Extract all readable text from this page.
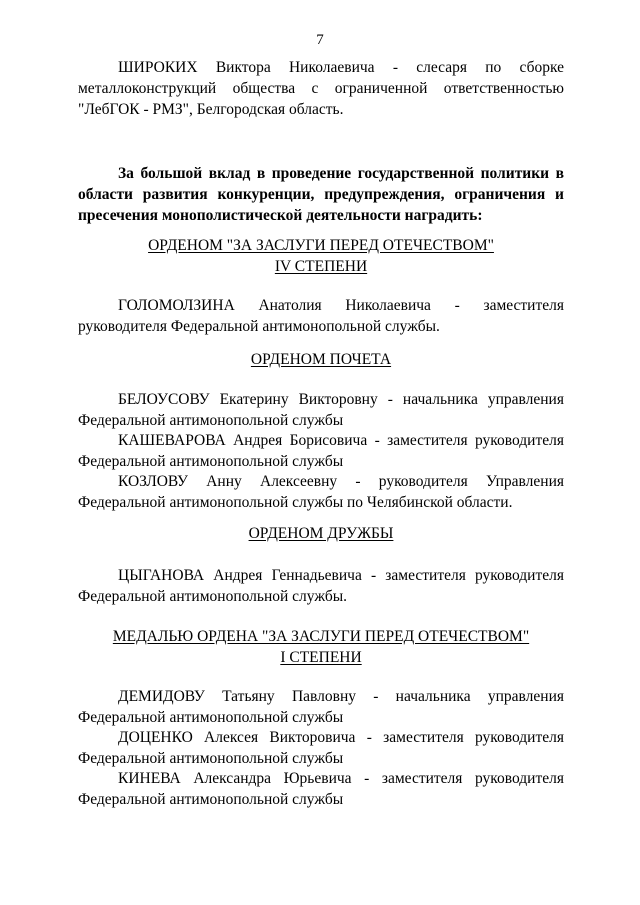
7

ШИРОКИХ Виктора Николаевича - слесаря по сборке металлоконструкций общества с ограниченной ответственностью "ЛебГОК - РМЗ", Белгородская область.

За большой вклад в проведение государственной политики в области развития конкуренции, предупреждения, ограничения и пресечения монополистической деятельности наградить:

ОРДЕНОМ "ЗА ЗАСЛУГИ ПЕРЕД ОТЕЧЕСТВОМ"
IV СТЕПЕНИ

ГОЛОМОЛЗИНА Анатолия Николаевича - заместителя руководителя Федеральной антимонопольной службы.

ОРДЕНОМ ПОЧЕТА

БЕЛОУСОВУ Екатерину Викторовну - начальника управления Федеральной антимонопольной службы

КАШЕВАРОВА Андрея Борисовича - заместителя руководителя Федеральной антимонопольной службы

КОЗЛОВУ Анну Алексеевну - руководителя Управления Федеральной антимонопольной службы по Челябинской области.

ОРДЕНОМ ДРУЖБЫ

ЦЫГАНОВА Андрея Геннадьевича - заместителя руководителя Федеральной антимонопольной службы.

МЕДАЛЬЮ ОРДЕНА "ЗА ЗАСЛУГИ ПЕРЕД ОТЕЧЕСТВОМ"
I СТЕПЕНИ

ДЕМИДОВУ Татьяну Павловну - начальника управления Федеральной антимонопольной службы

ДОЦЕНКО Алексея Викторовича - заместителя руководителя Федеральной антимонопольной службы

КИНЕВА Александра Юрьевича - заместителя руководителя Федеральной антимонопольной службы
